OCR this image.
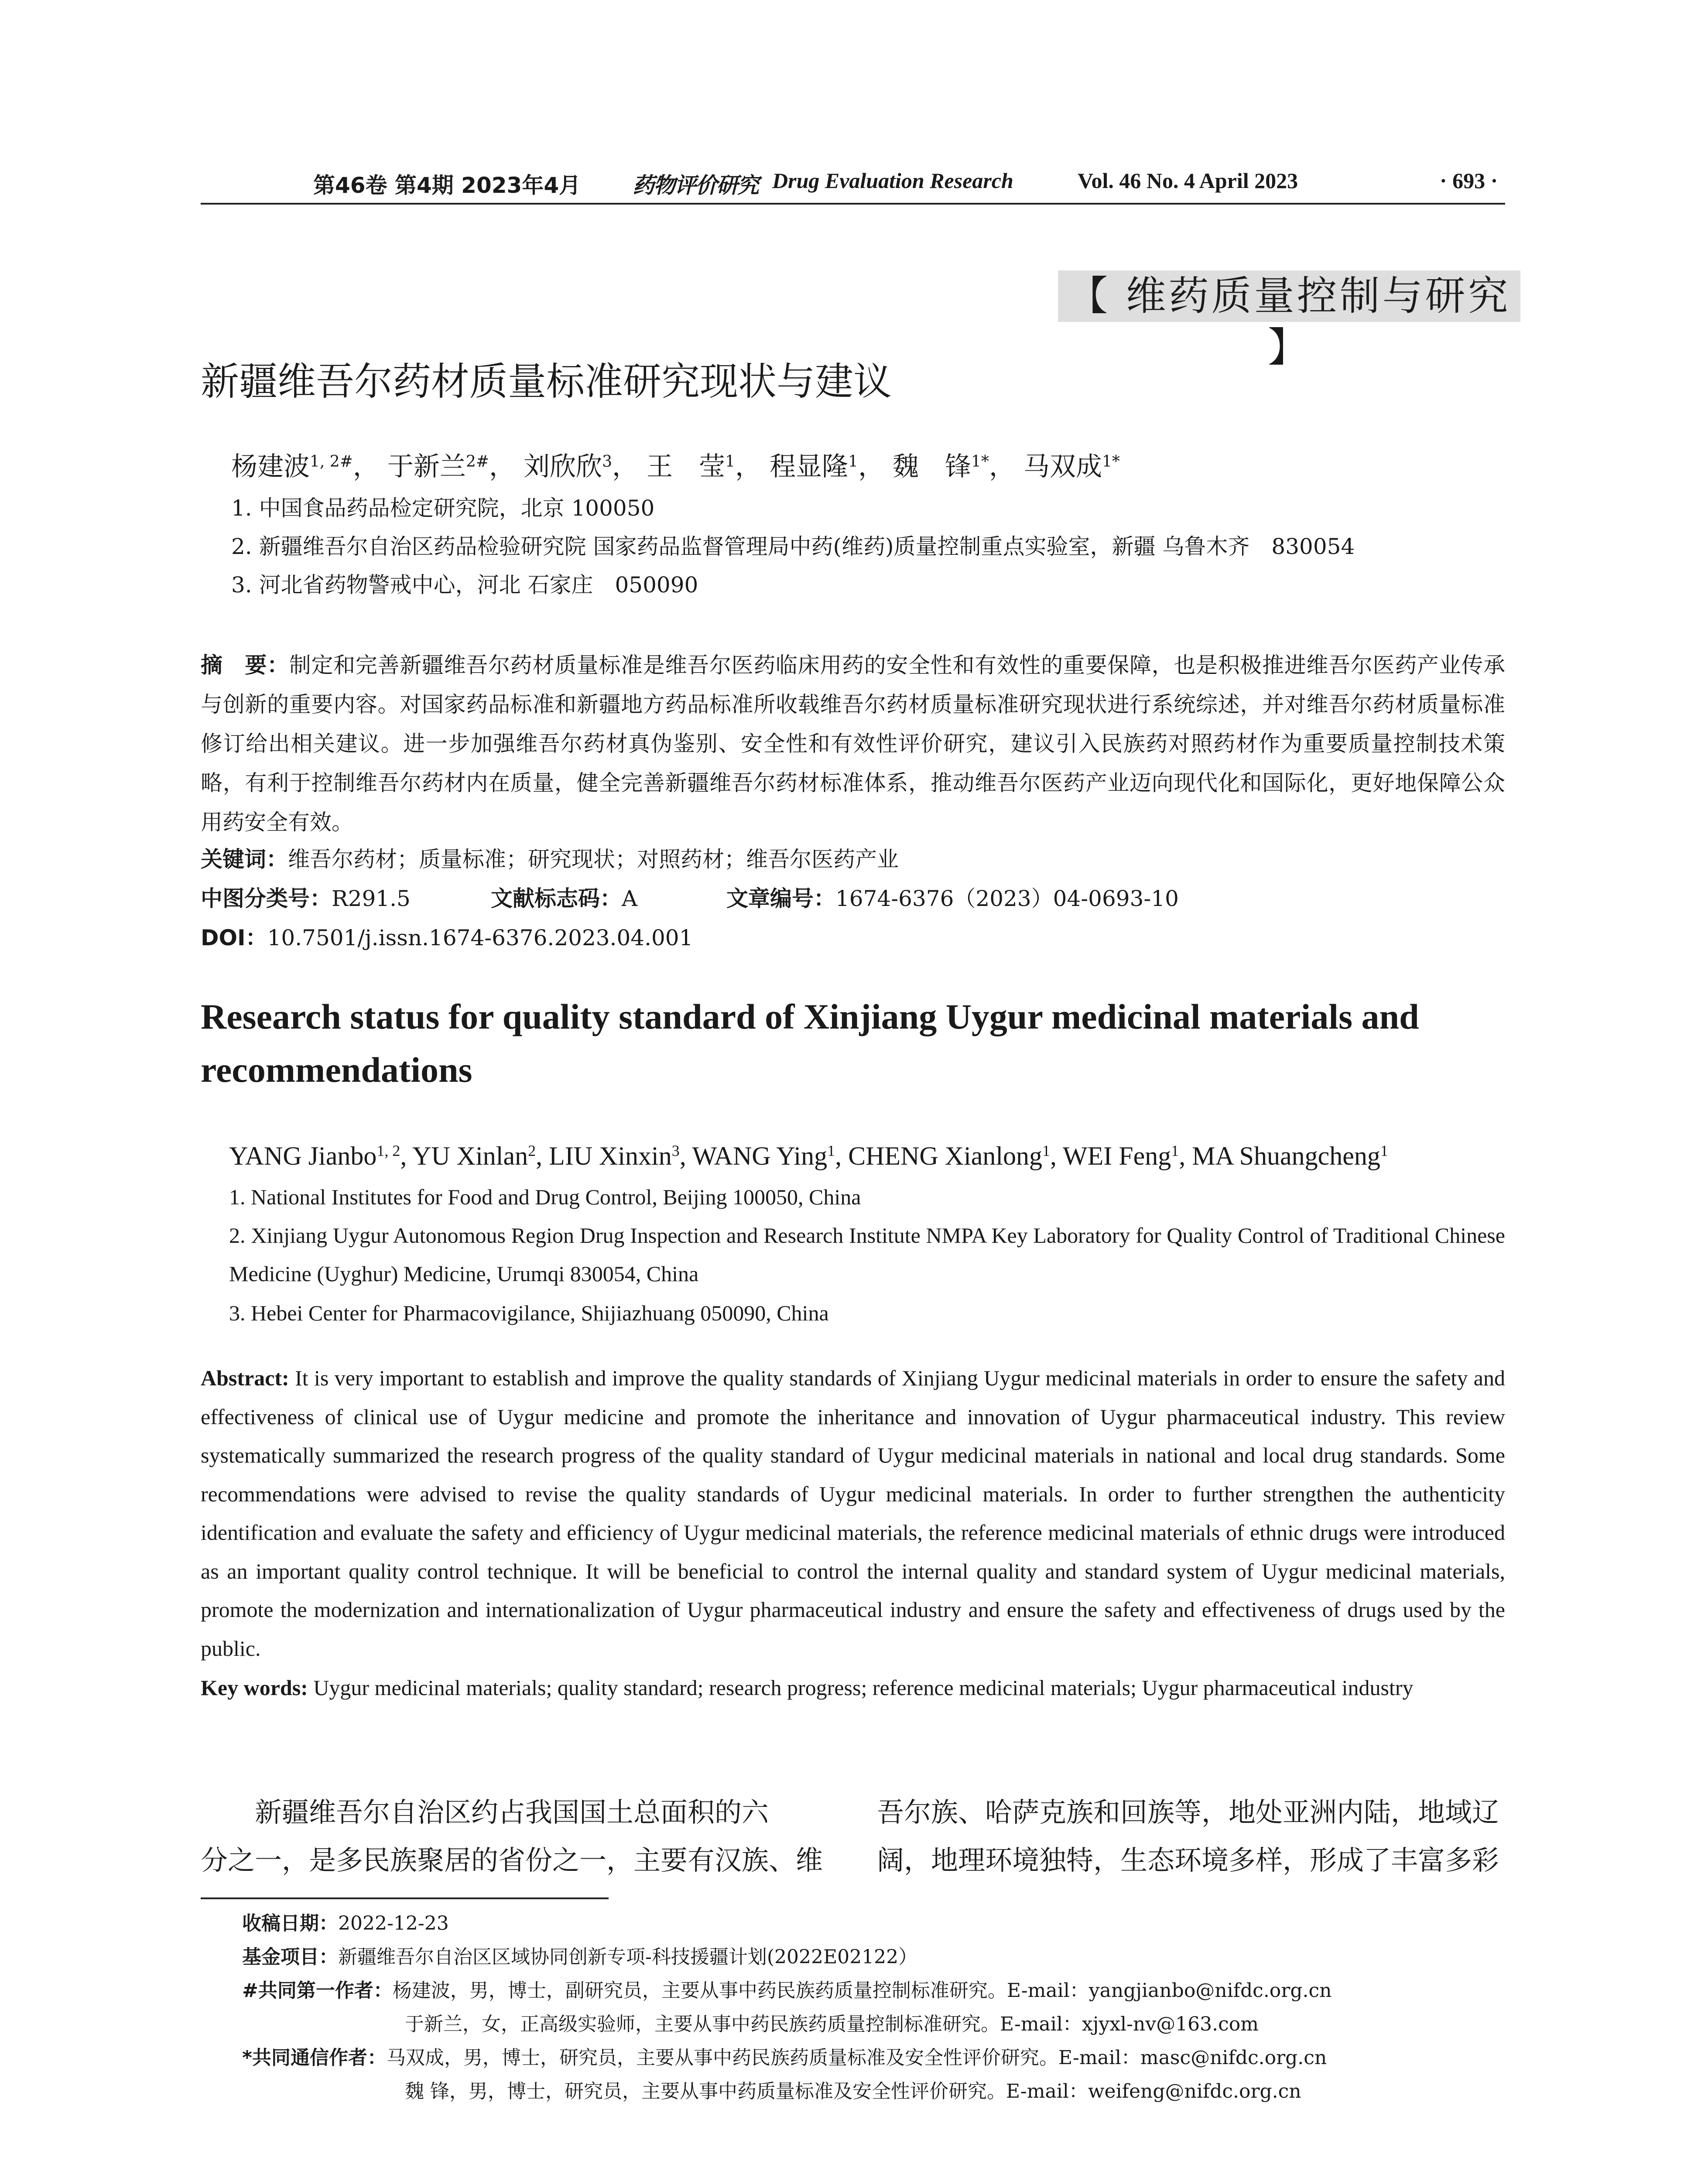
第46卷 第4期 2023年4月 药物评价研究 Drug Evaluation Research	Vol. 46 No. 4 April 2023	· 693 ·
【 维药质量控制与研究 】
新疆维吾尔药材质量标准研究现状与建议
杨建波$^{1, 2\#}$， 于新兰$^{2\#}$， 刘欣欣$^3$， 王　莹$^1$， 程显隆$^1$， 魏　锋$^{1*}$， 马双成$^{1*}$
1. 中国食品药品检定研究院，北京 100050
2. 新疆维吾尔自治区药品检验研究院 国家药品监督管理局中药(维药)质量控制重点实验室，新疆 乌鲁木齐　830054
3. 河北省药物警戒中心，河北 石家庄　050090
摘　要：制定和完善新疆维吾尔药材质量标准是维吾尔医药临床用药的安全性和有效性的重要保障，也是积极推进维吾尔医药产业传承与创新的重要内容。对国家药品标准和新疆地方药品标准所收载维吾尔药材质量标准研究现状进行系统综述，并对维吾尔药材质量标准修订给出相关建议。进一步加强维吾尔药材真伪鉴别、安全性和有效性评价研究，建议引入民族药对照药材作为重要质量控制技术策略，有利于控制维吾尔药材内在质量，健全完善新疆维吾尔药材标准体系，推动维吾尔医药产业迈向现代化和国际化，更好地保障公众用药安全有效。
关键词：维吾尔药材；质量标准；研究现状；对照药材；维吾尔医药产业
中图分类号：R291.5	文献标志码：A	文章编号：1674-6376（2023）04-0693-10
DOI：10.7501/j.issn.1674-6376.2023.04.001
Research status for quality standard of Xinjiang Uygur medicinal materials and recommendations
YANG Jianbo$^{1, 2}$, YU Xinlan$^2$, LIU Xinxin$^3$, WANG Ying$^1$, CHENG Xianlong$^1$, WEI Feng$^1$, MA Shuangcheng$^1$
1. National Institutes for Food and Drug Control, Beijing 100050, China
2. Xinjiang Uygur Autonomous Region Drug Inspection and Research Institute NMPA Key Laboratory for Quality Control of Traditional Chinese Medicine (Uyghur) Medicine, Urumqi 830054, China
3. Hebei Center for Pharmacovigilance, Shijiazhuang 050090, China
Abstract: It is very important to establish and improve the quality standards of Xinjiang Uygur medicinal materials in order to ensure the safety and effectiveness of clinical use of Uygur medicine and promote the inheritance and innovation of Uygur pharmaceutical industry. This review systematically summarized the research progress of the quality standard of Uygur medicinal materials in national and local drug standards. Some recommendations were advised to revise the quality standards of Uygur medicinal materials. In order to further strengthen the authenticity identification and evaluate the safety and efficiency of Uygur medicinal materials, the reference medicinal materials of ethnic drugs were introduced as an important quality control technique. It will be beneficial to control the internal quality and standard system of Uygur medicinal materials, promote the modernization and internationalization of Uygur pharmaceutical industry and ensure the safety and effectiveness of drugs used by the public.
Key words: Uygur medicinal materials; quality standard; research progress; reference medicinal materials; Uygur pharmaceutical industry
新疆维吾尔自治区约占我国国土总面积的六
分之一，是多民族聚居的省份之一，主要有汉族、维
吾尔族、哈萨克族和回族等，地处亚洲内陆，地域辽
阔，地理环境独特，生态环境多样，形成了丰富多彩
收稿日期：2022-12-23
基金项目：新疆维吾尔自治区区域协同创新专项-科技援疆计划(2022E02122）
#共同第一作者：杨建波，男，博士，副研究员，主要从事中药民族药质量控制标准研究。E-mail：yangjianbo@nifdc.org.cn
于新兰，女，正高级实验师，主要从事中药民族药质量控制标准研究。E-mail：xjyxl-nv@163.com
*共同通信作者：马双成，男，博士，研究员，主要从事中药民族药质量标准及安全性评价研究。E-mail：masc@nifdc.org.cn
魏 锋，男，博士，研究员，主要从事中药质量标准及安全性评价研究。E-mail：weifeng@nifdc.org.cn
